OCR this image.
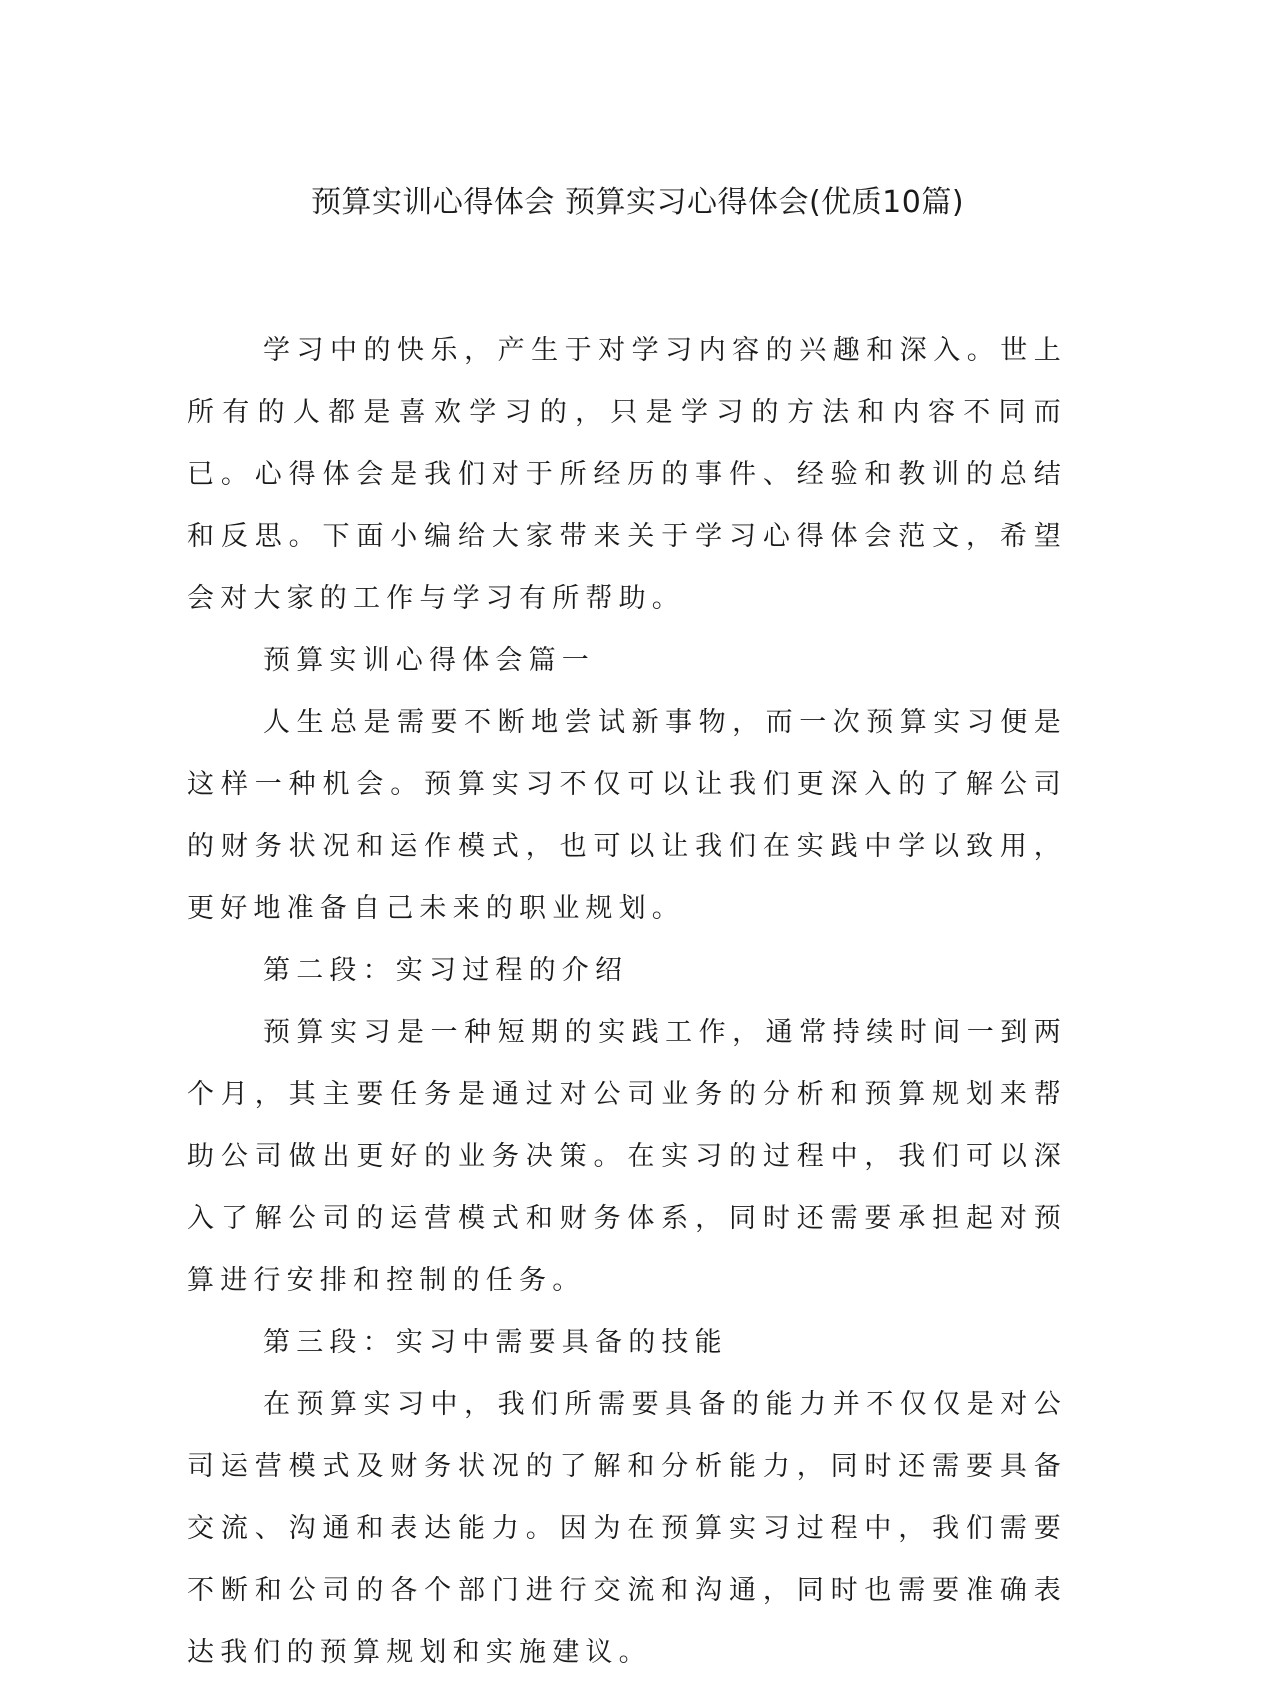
预算实训心得体会 预算实习心得体会(优质10篇)

学习中的快乐，产生于对学习内容的兴趣和深入。世上所有的人都是喜欢学习的，只是学习的方法和内容不同而已。心得体会是我们对于所经历的事件、经验和教训的总结和反思。下面小编给大家带来关于学习心得体会范文，希望会对大家的工作与学习有所帮助。

预算实训心得体会篇一

人生总是需要不断地尝试新事物，而一次预算实习便是这样一种机会。预算实习不仅可以让我们更深入的了解公司的财务状况和运作模式，也可以让我们在实践中学以致用，更好地准备自己未来的职业规划。

第二段：实习过程的介绍

预算实习是一种短期的实践工作，通常持续时间一到两个月，其主要任务是通过对公司业务的分析和预算规划来帮助公司做出更好的业务决策。在实习的过程中，我们可以深入了解公司的运营模式和财务体系，同时还需要承担起对预算进行安排和控制的任务。

第三段：实习中需要具备的技能

在预算实习中，我们所需要具备的能力并不仅仅是对公司运营模式及财务状况的了解和分析能力，同时还需要具备交流、沟通和表达能力。因为在预算实习过程中，我们需要不断和公司的各个部门进行交流和沟通，同时也需要准确表达我们的预算规划和实施建议。
